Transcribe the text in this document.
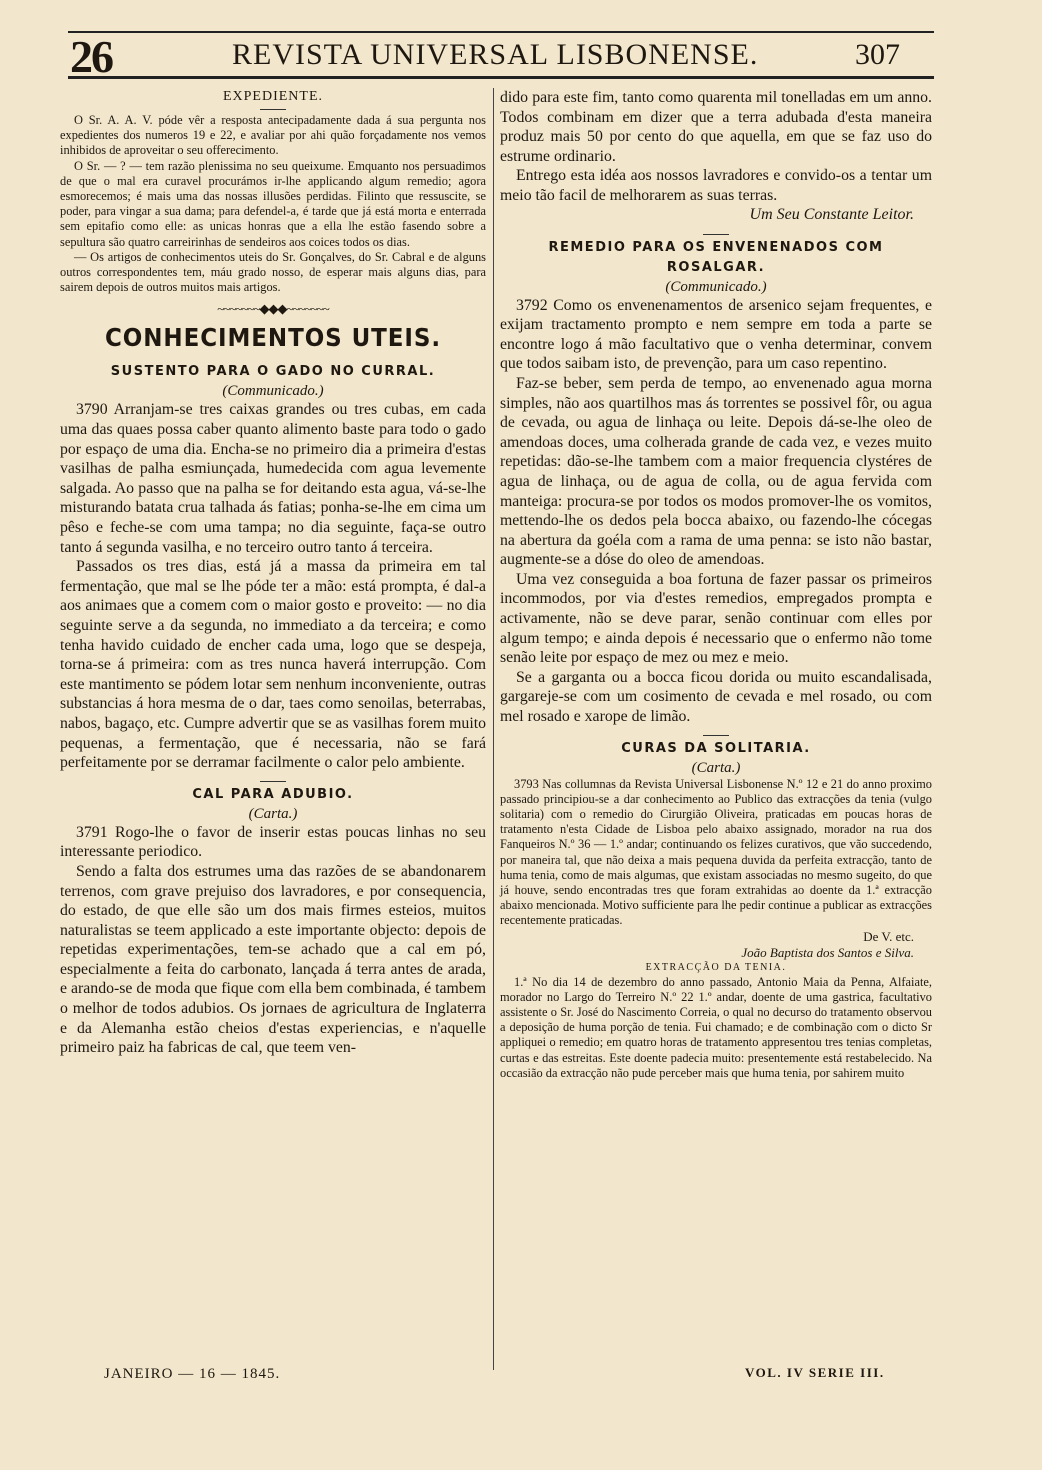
26	REVISTA UNIVERSAL LISBONENSE.	307
EXPEDIENTE.

O Sr. A. A. V. póde vêr a resposta antecipadamente dada á sua pergunta nos expedientes dos numeros 19 e 22, e avaliar por ahi quão forçadamente nos vemos inhibidos de aproveitar o seu offerecimento.

O Sr. — ? — tem razão plenissima no seu queixume. Emquanto nos persuadimos de que o mal era curavel procurámos ir-lhe applicando algum remedio; agora esmorecemos; é mais uma das nossas illusões perdidas. Filinto que ressuscite, se poder, para vingar a sua dama; para defendel-a, é tarde que já está morta e enterrada sem epitafio como elle: as unicas honras que a ella lhe estão fasendo sobre a sepultura são quatro carreirinhas de sendeiros aos coices todos os dias.

— Os artigos de conhecimentos uteis do Sr. Gonçalves, do Sr. Cabral e de alguns outros correspondentes tem, máu grado nosso, de esperar mais alguns dias, para sairem depois de outros muitos mais artigos.

~~~~~~~◆◆◆~~~~~~~
CONHECIMENTOS UTEIS.
SUSTENTO PARA O GADO NO CURRAL.
(Communicado.)

3790 Arranjam-se tres caixas grandes ou tres cubas, em cada uma das quaes possa caber quanto alimento baste para todo o gado por espaço de uma dia. Encha-se no primeiro dia a primeira d'estas vasilhas de palha esmiunçada, humedecida com agua levemente salgada. Ao passo que na palha se for deitando esta agua, vá-se-lhe misturando batata crua talhada ás fatias; ponha-se-lhe em cima um pêso e feche-se com uma tampa; no dia seguinte, faça-se outro tanto á segunda vasilha, e no terceiro outro tanto á terceira.

Passados os tres dias, está já a massa da primeira em tal fermentação, que mal se lhe póde ter a mão: está prompta, é dal-a aos animaes que a comem com o maior gosto e proveito: — no dia seguinte serve a da segunda, no immediato a da terceira; e como tenha havido cuidado de encher cada uma, logo que se despeja, torna-se á primeira: com as tres nunca haverá interrupção. Com este mantimento se pódem lotar sem nenhum inconveniente, outras substancias á hora mesma de o dar, taes como senoilas, beterrabas, nabos, bagaço, etc. Cumpre advertir que se as vasilhas forem muito pequenas, a fermentação, que é necessaria, não se fará perfeitamente por se derramar facilmente o calor pelo ambiente.

CAL PARA ADUBIO.
(Carta.)

3791 Rogo-lhe o favor de inserir estas poucas linhas no seu interessante periodico.

Sendo a falta dos estrumes uma das razões de se abandonarem terrenos, com grave prejuiso dos lavradores, e por consequencia, do estado, de que elle são um dos mais firmes esteios, muitos naturalistas se teem applicado a este importante objecto: depois de repetidas experimentações, tem-se achado que a cal em pó, especialmente a feita do carbonato, lançada á terra antes de arada, e arando-se de moda que fique com ella bem combinada, é tambem o melhor de todos adubios. Os jornaes de agricultura de Inglaterra e da Alemanha estão cheios d'estas experiencias, e n'aquelle primeiro paiz ha fabricas de cal, que teem ven-

dido para este fim, tanto como quarenta mil tonelladas em um anno. Todos combinam em dizer que a terra adubada d'esta maneira produz mais 50 por cento do que aquella, em que se faz uso do estrume ordinario.

Entrego esta idéa aos nossos lavradores e convido-os a tentar um meio tão facil de melhorarem as suas terras.

Um Seu Constante Leitor.
REMEDIO PARA OS ENVENENADOS COM
ROSALGAR.
(Communicado.)

3792 Como os envenenamentos de arsenico sejam frequentes, e exijam tractamento prompto e nem sempre em toda a parte se encontre logo á mão facultativo que o venha determinar, convem que todos saibam isto, de prevenção, para um caso repentino.

Faz-se beber, sem perda de tempo, ao envenenado agua morna simples, não aos quartilhos mas ás torrentes se possivel fôr, ou agua de cevada, ou agua de linhaça ou leite. Depois dá-se-lhe oleo de amendoas doces, uma colherada grande de cada vez, e vezes muito repetidas: dão-se-lhe tambem com a maior frequencia clystéres de agua de linhaça, ou de agua de colla, ou de agua fervida com manteiga: procura-se por todos os modos promover-lhe os vomitos, mettendo-lhe os dedos pela bocca abaixo, ou fazendo-lhe cócegas na abertura da goéla com a rama de uma penna: se isto não bastar, augmente-se a dóse do oleo de amendoas.

Uma vez conseguida a boa fortuna de fazer passar os primeiros incommodos, por via d'estes remedios, empregados prompta e activamente, não se deve parar, senão continuar com elles por algum tempo; e ainda depois é necessario que o enfermo não tome senão leite por espaço de mez ou mez e meio.

Se a garganta ou a bocca ficou dorida ou muito escandalisada, gargareje-se com um cosimento de cevada e mel rosado, ou com mel rosado e xarope de limão.

CURAS DA SOLITARIA.
(Carta.)

3793 Nas collumnas da Revista Universal Lisbonense N.º 12 e 21 do anno proximo passado principiou-se a dar conhecimento ao Publico das extracções da tenia (vulgo solitaria) com o remedio do Cirurgião Oliveira, praticadas em poucas horas de tratamento n'esta Cidade de Lisboa pelo abaixo assignado, morador na rua dos Fanqueiros N.º 36 — 1.º andar; continuando os felizes curativos, que vão succedendo, por maneira tal, que não deixa a mais pequena duvida da perfeita extracção, tanto de huma tenia, como de mais algumas, que existam associadas no mesmo sugeito, do que já houve, sendo encontradas tres que foram extrahidas ao doente da 1.ª extracção abaixo mencionada. Motivo sufficiente para lhe pedir continue a publicar as extracções recentemente praticadas.

De V. etc.
João Baptista dos Santos e Silva.
EXTRACÇÃO DA TENIA.

1.ª No dia 14 de dezembro do anno passado, Antonio Maia da Penna, Alfaiate, morador no Largo do Terreiro N.º 22 1.º andar, doente de uma gastrica, facultativo assistente o Sr. José do Nascimento Correia, o qual no decurso do tratamento observou a deposição de huma porção de tenia. Fui chamado; e de combinação com o dicto Sr appliquei o remedio; em quatro horas de tratamento appresentou tres tenias completas, curtas e das estreitas. Este doente padecia muito: presentemente está restabelecido. Na occasião da extracção não pude perceber mais que huma tenia, por sahirem muito

JANEIRO — 16 — 1845.	VOL. IV SERIE III.
